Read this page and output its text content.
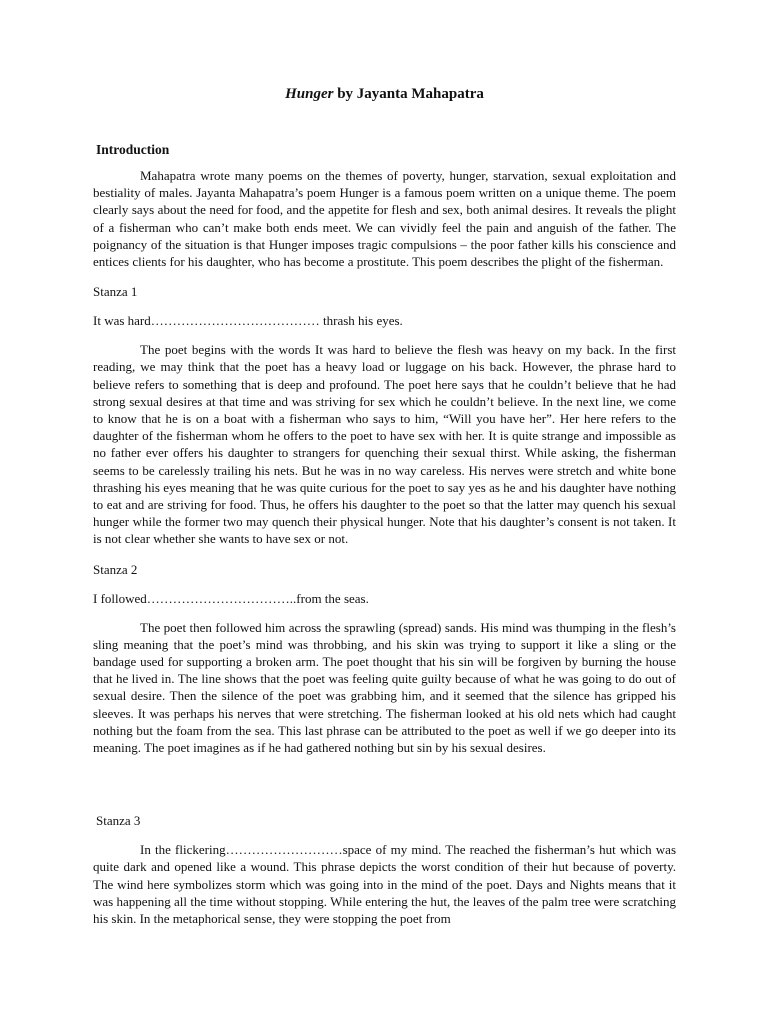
Hunger by Jayanta Mahapatra
Introduction

Mahapatra wrote many poems on the themes of poverty, hunger, starvation, sexual exploitation and bestiality of males. Jayanta Mahapatra’s poem Hunger is a famous poem written on a unique theme. The poem clearly says about the need for food, and the appetite for flesh and sex, both animal desires. It reveals the plight of a fisherman who can’t make both ends meet. We can vividly feel the pain and anguish of the father. The poignancy of the situation is that Hunger imposes tragic compulsions – the poor father kills his conscience and entices clients for his daughter, who has become a prostitute. This poem describes the plight of the fisherman.

Stanza 1
It was hard………………………………… thrash his eyes.

The poet begins with the words It was hard to believe the flesh was heavy on my back. In the first reading, we may think that the poet has a heavy load or luggage on his back. However, the phrase hard to believe refers to something that is deep and profound. The poet here says that he couldn’t believe that he had strong sexual desires at that time and was striving for sex which he couldn’t believe. In the next line, we come to know that he is on a boat with a fisherman who says to him, “Will you have her”. Her here refers to the daughter of the fisherman whom he offers to the poet to have sex with her. It is quite strange and impossible as no father ever offers his daughter to strangers for quenching their sexual thirst. While asking, the fisherman seems to be carelessly trailing his nets. But he was in no way careless. His nerves were stretch and white bone thrashing his eyes meaning that he was quite curious for the poet to say yes as he and his daughter have nothing to eat and are striving for food. Thus, he offers his daughter to the poet so that the latter may quench his sexual hunger while the former two may quench their physical hunger. Note that his daughter’s consent is not taken. It is not clear whether she wants to have sex or not.

Stanza 2
I followed……………………………..from the seas.

The poet then followed him across the sprawling (spread) sands. His mind was thumping in the flesh’s sling meaning that the poet’s mind was throbbing, and his skin was trying to support it like a sling or the bandage used for supporting a broken arm. The poet thought that his sin will be forgiven by burning the house that he lived in. The line shows that the poet was feeling quite guilty because of what he was going to do out of sexual desire. Then the silence of the poet was grabbing him, and it seemed that the silence has gripped his sleeves. It was perhaps his nerves that were stretching. The fisherman looked at his old nets which had caught nothing but the foam from the sea. This last phrase can be attributed to the poet as well if we go deeper into its meaning. The poet imagines as if he had gathered nothing but sin by his sexual desires.

Stanza 3

In the flickering………………………space of my mind. The reached the fisherman’s hut which was quite dark and opened like a wound. This phrase depicts the worst condition of their hut because of poverty. The wind here symbolizes storm which was going into in the mind of the poet. Days and Nights means that it was happening all the time without stopping. While entering the hut, the leaves of the palm tree were scratching his skin. In the metaphorical sense, they were stopping the poet from
